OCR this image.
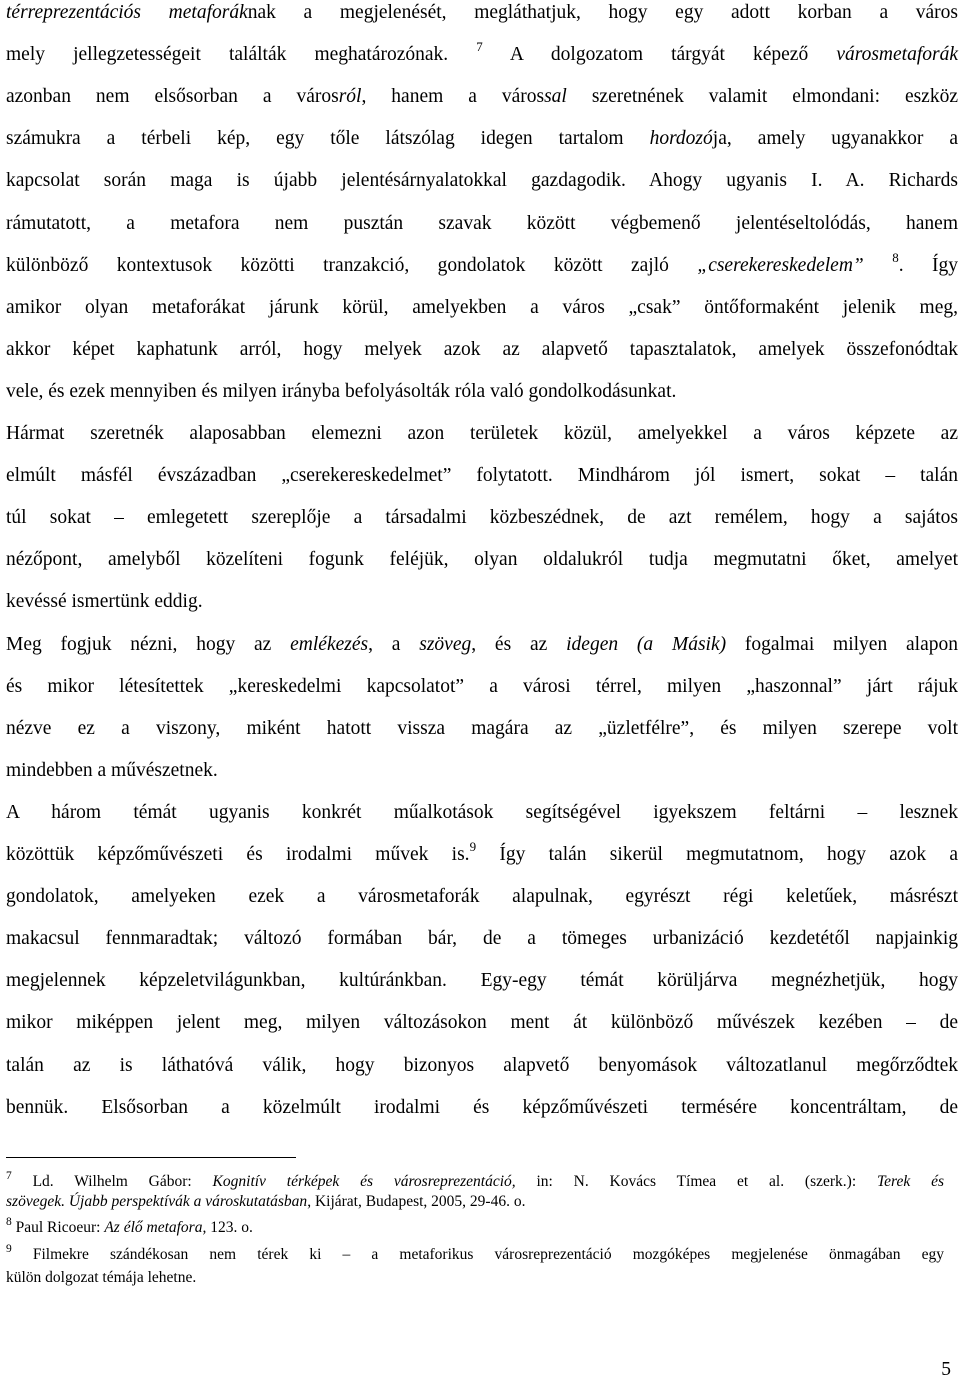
térreprezentációs metaforáknak a megjelenését, megláthatjuk, hogy egy adott korban a város
mely jellegzetességeit találták meghatározónak. $^7$ A dolgozatom tárgyát képező városmetaforák
azonban nem elsősorban a városról, hanem a várossal szeretnének valamit elmondani: eszköz
számukra a térbeli kép, egy tőle látszólag idegen tartalom hordozója, amely ugyanakkor a
kapcsolat során maga is újabb jelentésárnyalatokkal gazdagodik. Ahogy ugyanis I. A. Richards
rámutatott, a metafora nem pusztán szavak között végbemenő jelentéseltolódás, hanem
különböző kontextusok közötti tranzakció, gondolatok között zajló „cserekereskedelem” $^8$. Így
amikor olyan metaforákat járunk körül, amelyekben a város „csak” öntőformaként jelenik meg,
akkor képet kaphatunk arról, hogy melyek azok az alapvető tapasztalatok, amelyek összefonódtak
vele, és ezek mennyiben és milyen irányba befolyásolták róla való gondolkodásunkat.
Hármat szeretnék alaposabban elemezni azon területek közül, amelyekkel a város képzete az
elmúlt másfél évszázadban „cserekereskedelmet” folytatott. Mindhárom jól ismert, sokat – talán
túl sokat – emlegetett szereplője a társadalmi közbeszédnek, de azt remélem, hogy a sajátos
nézőpont, amelyből közelíteni fogunk feléjük, olyan oldalukról tudja megmutatni őket, amelyet
kevéssé ismertünk eddig.
Meg fogjuk nézni, hogy az emlékezés, a szöveg, és az idegen (a Másik) fogalmai milyen alapon
és mikor létesítettek „kereskedelmi kapcsolatot” a városi térrel, milyen „haszonnal” járt rájuk
nézve ez a viszony, miként hatott vissza magára az „üzletfélre”, és milyen szerepe volt
mindebben a művészetnek.
A három témát ugyanis konkrét műalkotások segítségével igyekszem feltárni – lesznek
közöttük képzőművészeti és irodalmi művek is.$^9$ Így talán sikerül megmutatnom, hogy azok a
gondolatok, amelyeken ezek a városmetaforák alapulnak, egyrészt régi keletűek, másrészt
makacsul fennmaradtak; változó formában bár, de a tömeges urbanizáció kezdetétől napjainkig
megjelennek képzeletvilágunkban, kultúránkban. Egy-egy témát körüljárva megnézhetjük, hogy
mikor miképpen jelent meg, milyen változásokon ment át különböző művészek kezében – de
talán az is láthatóvá válik, hogy bizonyos alapvető benyomások változatlanul megőrződtek
bennük. Elsősorban a közelmúlt irodalmi és képzőművészeti termésére koncentráltam, de
$^7$ Ld. Wilhelm Gábor: Kognitív térképek és városreprezentáció, in: N. Kovács Tímea et al. (szerk.): Terek és
szövegek. Újabb perspektívák a városkutatásban, Kijárat, Budapest, 2005, 29-46. o.
$^8$ Paul Ricoeur: Az élő metafora, 123. o.
$^9$ Filmekre szándékosan nem térek ki – a metaforikus városreprezentáció mozgóképes megjelenése önmagában egy
külön dolgozat témája lehetne.
5
